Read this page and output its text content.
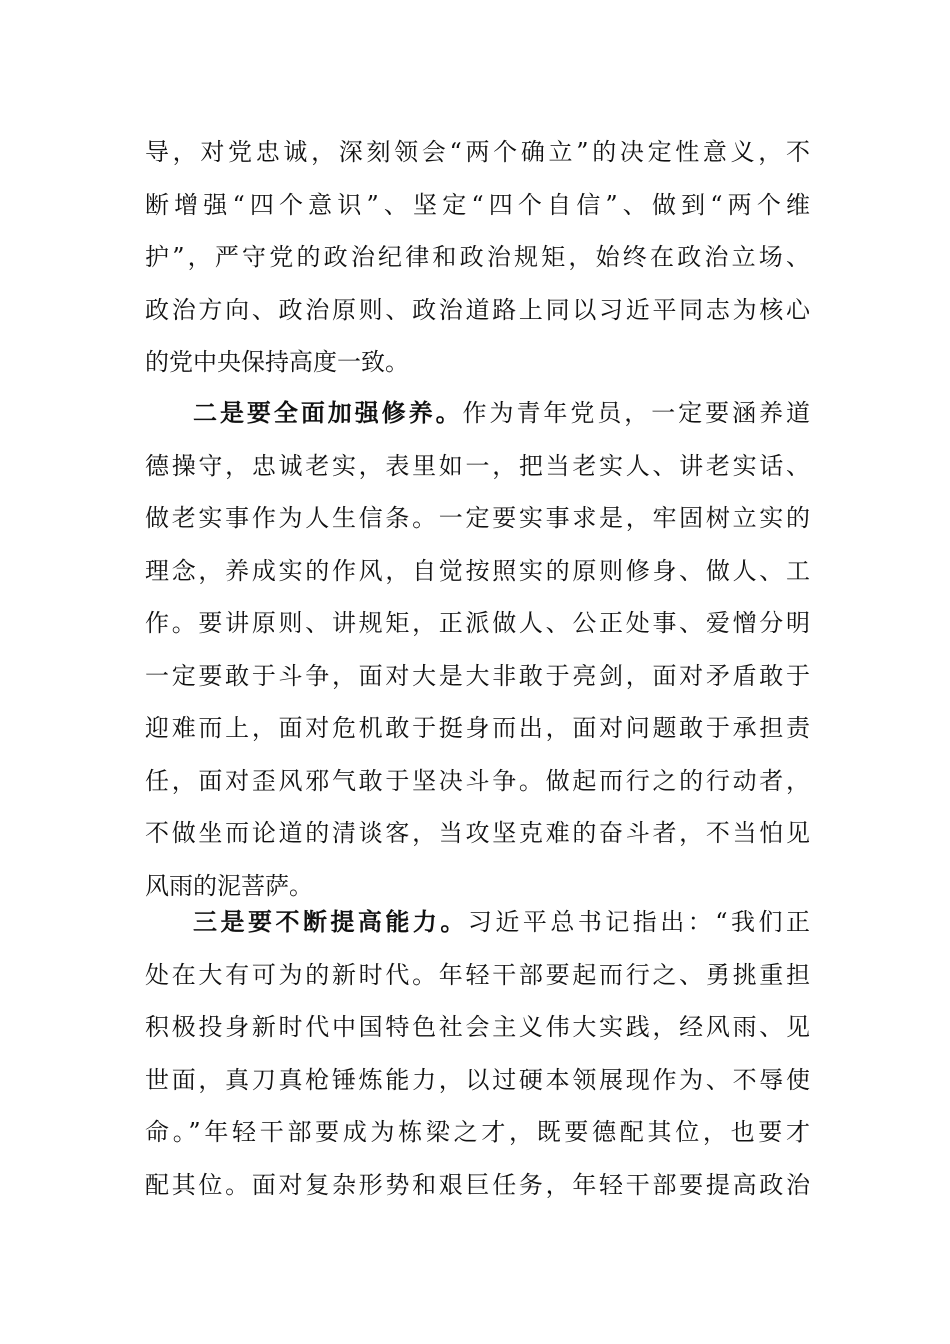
导，对党忠诚，深刻领会“两个确立”的决定性意义，不
断增强“四个意识”、坚定“四个自信”、做到“两个维
护”，严守党的政治纪律和政治规矩，始终在政治立场、
政治方向、政治原则、政治道路上同以习近平同志为核心
的党中央保持高度一致。
二是要全面加强修养。作为青年党员，一定要涵养道
德操守，忠诚老实，表里如一，把当老实人、讲老实话、
做老实事作为人生信条。一定要实事求是，牢固树立实的
理念，养成实的作风，自觉按照实的原则修身、做人、工
作。要讲原则、讲规矩，正派做人、公正处事、爱憎分明
一定要敢于斗争，面对大是大非敢于亮剑，面对矛盾敢于
迎难而上，面对危机敢于挺身而出，面对问题敢于承担责
任，面对歪风邪气敢于坚决斗争。做起而行之的行动者，
不做坐而论道的清谈客，当攻坚克难的奋斗者，不当怕见
风雨的泥菩萨。
三是要不断提高能力。习近平总书记指出：“我们正
处在大有可为的新时代。年轻干部要起而行之、勇挑重担
积极投身新时代中国特色社会主义伟大实践，经风雨、见
世面，真刀真枪锤炼能力，以过硬本领展现作为、不辱使
命。”年轻干部要成为栋梁之才，既要德配其位，也要才
配其位。面对复杂形势和艰巨任务，年轻干部要提高政治
